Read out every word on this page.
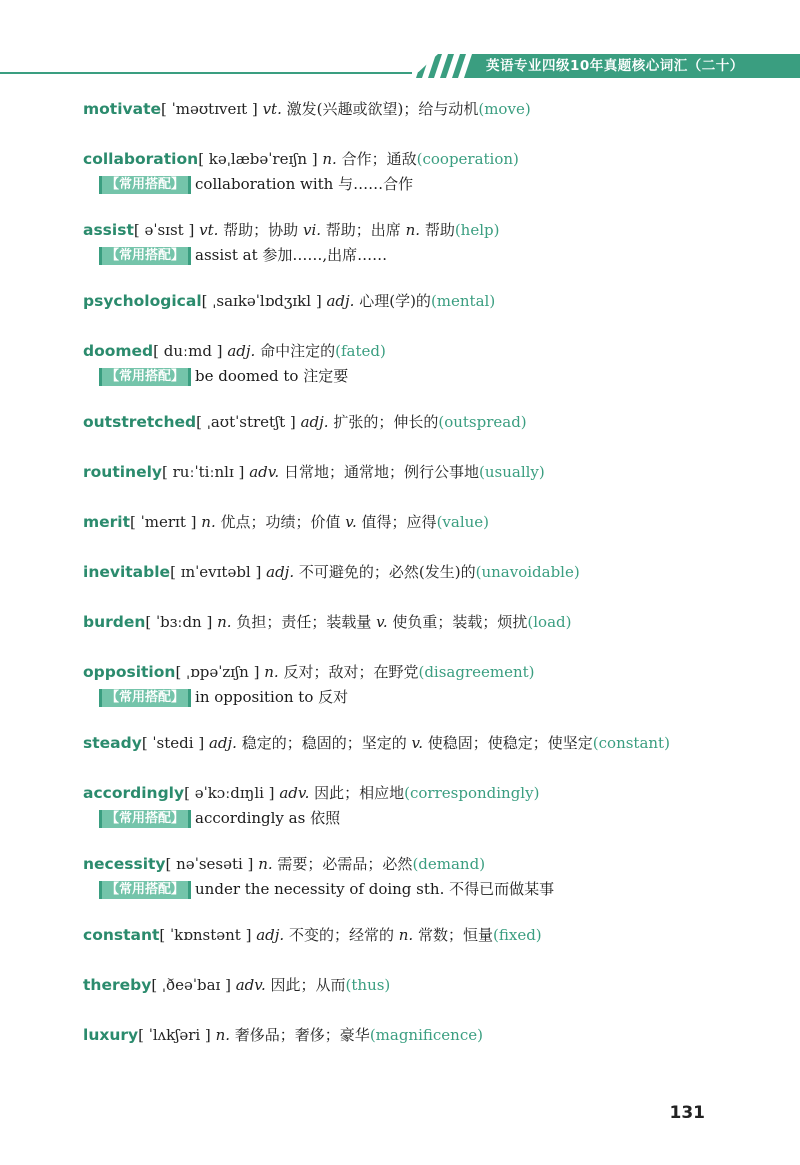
英语专业四级10年真题核心词汇（二十）
motivate[ ˈməʊtɪveɪt ] vt. 激发(兴趣或欲望)；给与动机(move)
collaboration[ kəˌlæbəˈreɪʃn ] n. 合作；通敌(cooperation)
【常用搭配】 collaboration with 与……合作
assist[ əˈsɪst ] vt. 帮助；协助 vi. 帮助；出席 n. 帮助(help)
【常用搭配】 assist at 参加……,出席……
psychological[ ˌsaɪkəˈlɒdʒɪkl ] adj. 心理(学)的(mental)
doomed[ duːmd ] adj. 命中注定的(fated)
【常用搭配】 be doomed to 注定要
outstretched[ ˌaʊtˈstretʃt ] adj. 扩张的；伸长的(outspread)
routinely[ ruːˈtiːnlɪ ] adv. 日常地；通常地；例行公事地(usually)
merit[ ˈmerɪt ] n. 优点；功绩；价值 v. 值得；应得(value)
inevitable[ ɪnˈevɪtəbl ] adj. 不可避免的；必然(发生)的(unavoidable)
burden[ ˈbɜːdn ] n. 负担；责任；装载量 v. 使负重；装载；烦扰(load)
opposition[ ˌɒpəˈzɪʃn ] n. 反对；敌对；在野党(disagreement)
【常用搭配】 in opposition to 反对
steady[ ˈstedi ] adj. 稳定的；稳固的；坚定的 v. 使稳固；使稳定；使坚定(constant)
accordingly[ əˈkɔːdɪŋli ] adv. 因此；相应地(correspondingly)
【常用搭配】 accordingly as 依照
necessity[ nəˈsesəti ] n. 需要；必需品；必然(demand)
【常用搭配】 under the necessity of doing sth. 不得已而做某事
constant[ ˈkɒnstənt ] adj. 不变的；经常的 n. 常数；恒量(fixed)
thereby[ ˌðeəˈbaɪ ] adv. 因此；从而(thus)
luxury[ ˈlʌkʃəri ] n. 奢侈品；奢侈；豪华(magnificence)
131
